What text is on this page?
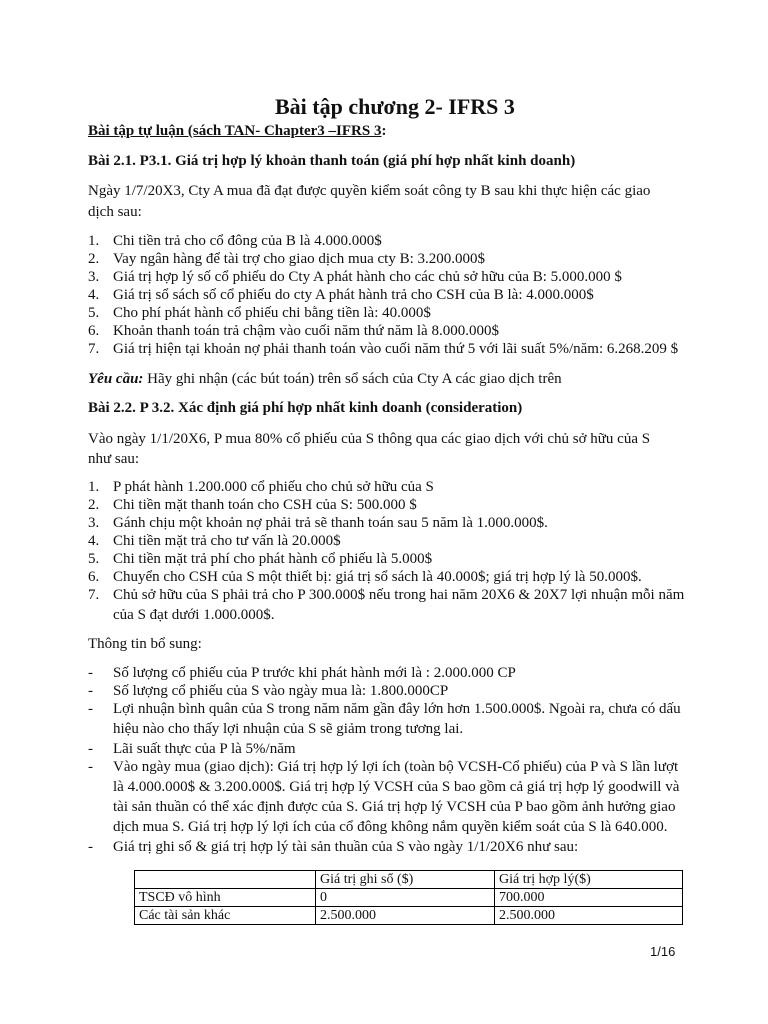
Bài tập chương 2- IFRS 3
Bài tập tự luận (sách TAN- Chapter3 –IFRS 3:
Bài 2.1. P3.1. Giá trị hợp lý khoản thanh toán (giá phí hợp nhất kinh doanh)
Ngày 1/7/20X3, Cty A mua đã đạt được quyền kiểm soát công ty B sau khi thực hiện các giao
dịch sau:
1. Chi tiền trả cho cổ đông của B là 4.000.000$
2. Vay ngân hàng để tài trợ cho giao dịch mua cty B: 3.200.000$
3. Giá trị hợp lý số cổ phiếu do Cty A phát hành cho các chủ sở hữu của B: 5.000.000 $
4. Giá trị sổ sách số cổ phiếu do cty A phát hành trả cho CSH của B là: 4.000.000$
5. Cho phí phát hành cổ phiếu chi bằng tiền là: 40.000$
6. Khoản thanh toán trả chậm vào cuối năm thứ năm là 8.000.000$
7. Giá trị hiện tại khoản nợ phải thanh toán vào cuối năm thứ 5 với lãi suất 5%/năm: 6.268.209 $
Yêu cầu: Hãy ghi nhận (các bút toán) trên sổ sách của Cty A các giao dịch trên
Bài 2.2. P 3.2. Xác định giá phí hợp nhất kinh doanh (consideration)
Vào ngày 1/1/20X6, P mua 80% cổ phiếu của S thông qua các giao dịch với chủ sở hữu của S
như sau:
1. P phát hành 1.200.000 cổ phiếu cho chủ sở hữu của S
2. Chi tiền mặt thanh toán cho CSH của S: 500.000 $
3. Gánh chịu một khoản nợ phải trả sẽ thanh toán sau 5 năm là 1.000.000$.
4. Chi tiền mặt trả cho tư vấn là 20.000$
5. Chi tiền mặt trả phí cho phát hành cổ phiếu là 5.000$
6. Chuyển cho CSH của S một thiết bị: giá trị sổ sách là 40.000$; giá trị hợp lý là 50.000$.
7. Chủ sở hữu của S phải trả cho P 300.000$ nếu trong hai năm 20X6 & 20X7 lợi nhuận mỗi năm
của S đạt dưới 1.000.000$.
Thông tin bổ sung:
- Số lượng cổ phiếu của P trước khi phát hành mới là : 2.000.000 CP
- Số lượng cổ phiếu của S vào ngày mua là: 1.800.000CP
- Lợi nhuận bình quân của S trong năm năm gần đây lớn hơn 1.500.000$. Ngoài ra, chưa có dấu
hiệu nào cho thấy lợi nhuận của S sẽ giảm trong tương lai.
- Lãi suất thực của P là 5%/năm
- Vào ngày mua (giao dịch): Giá trị hợp lý lợi ích (toàn bộ VCSH-Cổ phiếu) của P và S lần lượt
là 4.000.000$ & 3.200.000$. Giá trị hợp lý VCSH của S bao gồm cả giá trị hợp lý goodwill và
tài sản thuần có thể xác định được của S. Giá trị hợp lý VCSH của P bao gồm ảnh hưởng giao
dịch mua S. Giá trị hợp lý lợi ích của cổ đông không nắm quyền kiểm soát của S là 640.000.
- Giá trị ghi sổ & giá trị hợp lý tài sản thuần của S vào ngày 1/1/20X6 như sau:
	Giá trị ghi sổ ($)	Giá trị hợp lý($)
TSCĐ vô hình	0	700.000
Các tài sản khác	2.500.000	2.500.000
1/16
